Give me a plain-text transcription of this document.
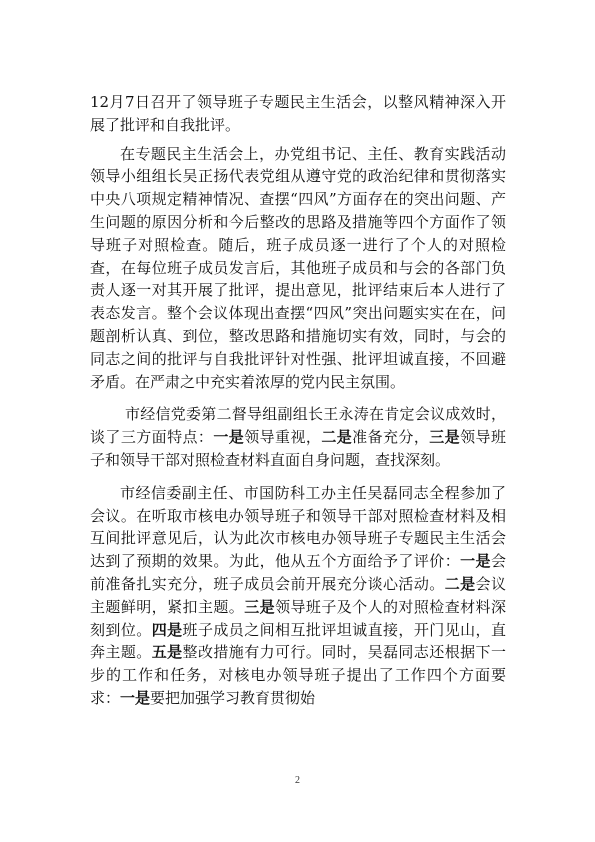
12月7日召开了领导班子专题民主生活会，以整风精神深入开展了批评和自我批评。

在专题民主生活会上，办党组书记、主任、教育实践活动领导小组组长吴正扬代表党组从遵守党的政治纪律和贯彻落实中央八项规定精神情况、查摆“四风”方面存在的突出问题、产生问题的原因分析和今后整改的思路及措施等四个方面作了领导班子对照检查。随后，班子成员逐一进行了个人的对照检查，在每位班子成员发言后，其他班子成员和与会的各部门负责人逐一对其开展了批评，提出意见，批评结束后本人进行了表态发言。整个会议体现出查摆“四风”突出问题实实在在，问题剖析认真、到位，整改思路和措施切实有效，同时，与会的同志之间的批评与自我批评针对性强、批评坦诚直接，不回避矛盾。在严肃之中充实着浓厚的党内民主氛围。

市经信党委第二督导组副组长王永涛在肯定会议成效时，谈了三方面特点：一是领导重视，二是准备充分，三是领导班子和领导干部对照检查材料直面自身问题，查找深刻。

市经信委副主任、市国防科工办主任吴磊同志全程参加了会议。在听取市核电办领导班子和领导干部对照检查材料及相互间批评意见后，认为此次市核电办领导班子专题民主生活会达到了预期的效果。为此，他从五个方面给予了评价：一是会前准备扎实充分，班子成员会前开展充分谈心活动。二是会议主题鲜明，紧扣主题。三是领导班子及个人的对照检查材料深刻到位。四是班子成员之间相互批评坦诚直接，开门见山，直奔主题。五是整改措施有力可行。同时，吴磊同志还根据下一步的工作和任务，对核电办领导班子提出了工作四个方面要求：一是要把加强学习教育贯彻始

2
